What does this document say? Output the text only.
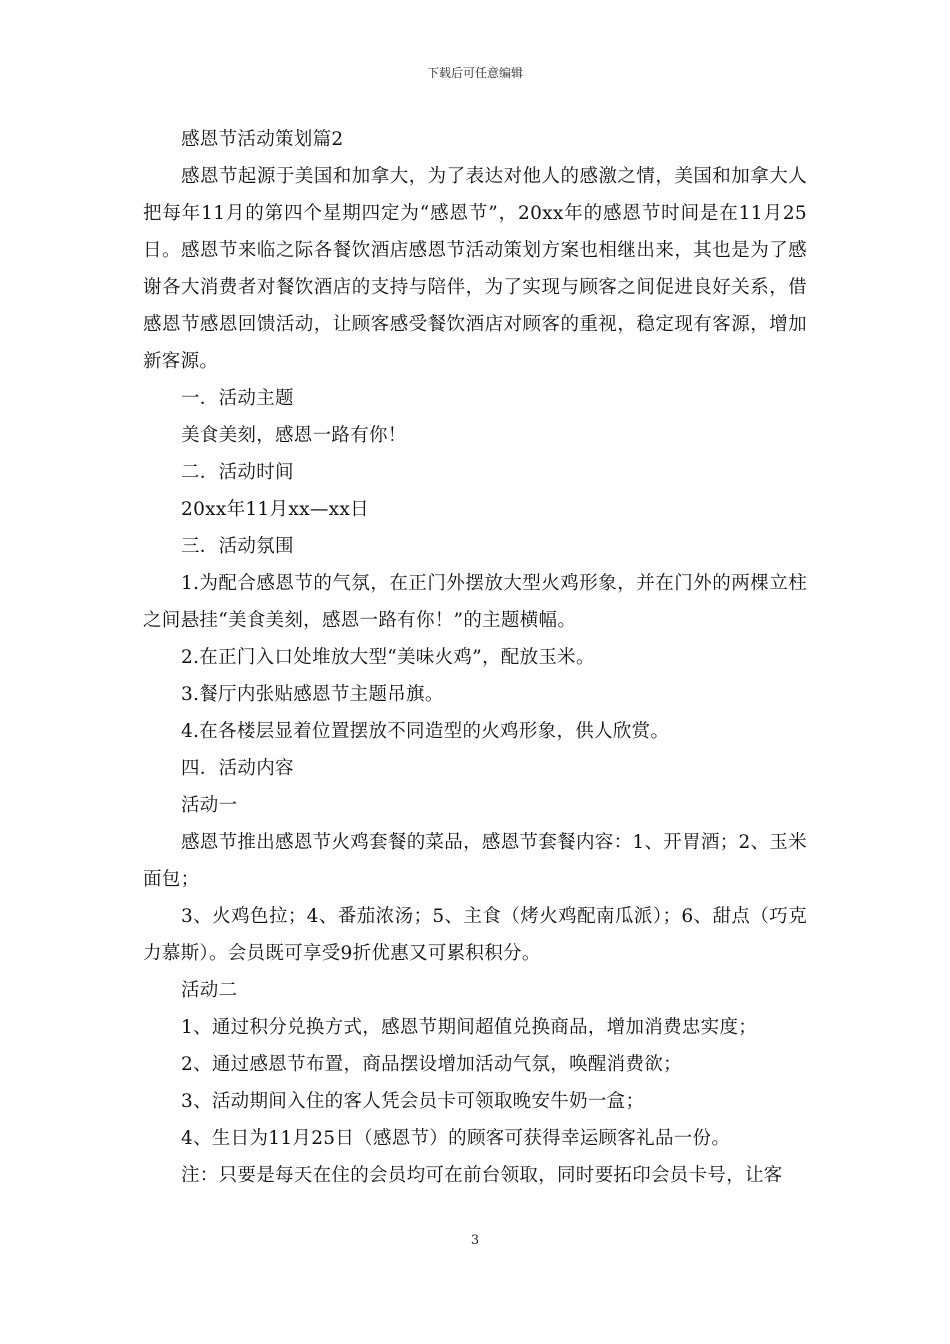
下载后可任意编辑

感恩节活动策划篇2

感恩节起源于美国和加拿大，为了表达对他人的感激之情，美国和加拿大人把每年11月的第四个星期四定为“感恩节”，20xx年的感恩节时间是在11月25日。感恩节来临之际各餐饮酒店感恩节活动策划方案也相继出来，其也是为了感谢各大消费者对餐饮酒店的支持与陪伴，为了实现与顾客之间促进良好关系，借感恩节感恩回馈活动，让顾客感受餐饮酒店对顾客的重视，稳定现有客源，增加新客源。

一．活动主题

美食美刻，感恩一路有你！

二．活动时间

20xx年11月xx—xx日

三．活动氛围

1.为配合感恩节的气氛，在正门外摆放大型火鸡形象，并在门外的两棵立柱之间悬挂“美食美刻，感恩一路有你！”的主题横幅。

2.在正门入口处堆放大型“美味火鸡”，配放玉米。

3.餐厅内张贴感恩节主题吊旗。

4.在各楼层显着位置摆放不同造型的火鸡形象，供人欣赏。

四．活动内容

活动一

感恩节推出感恩节火鸡套餐的菜品，感恩节套餐内容：1、开胃酒；2、玉米面包；

3、火鸡色拉；4、番茄浓汤；5、主食（烤火鸡配南瓜派）；6、甜点（巧克力慕斯）。会员既可享受9折优惠又可累积积分。

活动二

1、通过积分兑换方式，感恩节期间超值兑换商品，增加消费忠实度；

2、通过感恩节布置，商品摆设增加活动气氛，唤醒消费欲；

3、活动期间入住的客人凭会员卡可领取晚安牛奶一盒；

4、生日为11月25日（感恩节）的顾客可获得幸运顾客礼品一份。

注：只要是每天在住的会员均可在前台领取，同时要拓印会员卡号，让客

3
